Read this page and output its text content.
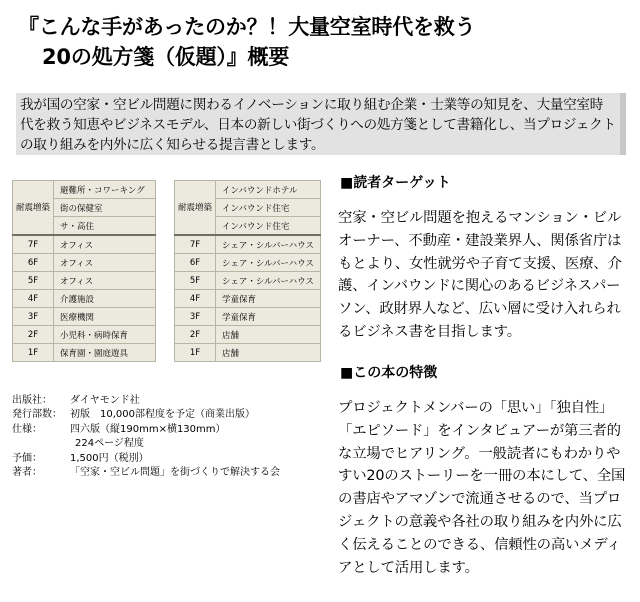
『こんな手があったのか？！大量空室時代を救う
20の処方箋（仮題）』概要
我が国の空家・空ビル問題に関わるイノベーションに取り組む企業・士業等の知見を、大量空室時代を救う知恵やビジネスモデル、日本の新しい街づくりへの処方箋として書籍化し、当プロジェクトの取り組みを内外に広く知らせる提言書とします。
耐震増築	避難所・コワーキング
	街の保健室
	サ・高住
7F	オフィス
6F	オフィス
5F	オフィス
4F	介護施設
3F	医療機関
2F	小児科・病時保育
1F	保育園・園庭遊具
耐震増築	インバウンドホテル
	インバウンド住宅
	インバウンド住宅
7F	シェア・シルバーハウス
6F	シェア・シルバーハウス
5F	シェア・シルバーハウス
4F	学童保育
3F	学童保育
2F	店舗
1F	店舗
出版社：	ダイヤモンド社
発行部数： 初版　10,000部程度を予定（商業出版）
仕様：	四六版（縦190mm×横130mm）
224ページ程度
予価：	1,500円（税別）
著者：	「空家・空ビル問題」を街づくりで解決する会
■読者ターゲット
空家・空ビル問題を抱えるマンション・ビルオーナー、不動産・建設業界人、関係省庁はもとより、女性就労や子育て支援、医療、介護、インバウンドに関心のあるビジネスパーソン、政財界人など、広い層に受け入れられるビジネス書を目指します。
■この本の特徴
プロジェクトメンバーの「思い」「独自性」「エピソード」をインタビュアーが第三者的な立場でヒアリング。一般読者にもわかりやすい20のストーリーを一冊の本にして、全国の書店やアマゾンで流通させるので、当プロジェクトの意義や各社の取り組みを内外に広く伝えることのできる、信頼性の高いメディアとして活用します。
